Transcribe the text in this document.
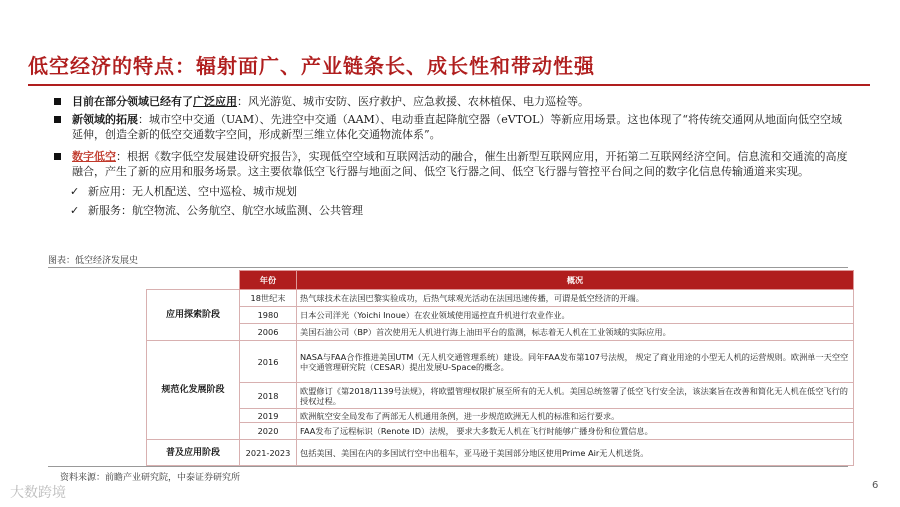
低空经济的特点：辐射面广、产业链条长、成长性和带动性强
目前在部分领域已经有了广泛应用：风光游览、城市安防、医疗救护、应急救援、农林植保、电力巡检等。
新领域的拓展：城市空中交通（UAM）、先进空中交通（AAM）、电动垂直起降航空器（eVTOL）等新应用场景。这也体现了“将传统交通网从地面向低空空域延伸，创造全新的低空交通数字空间，形成新型三维立体化交通物流体系”。
数字低空：根据《数字低空发展建设研究报告》，实现低空空域和互联网活动的融合，催生出新型互联网应用，开拓第二互联网经济空间。信息流和交通流的高度融合，产生了新的应用和服务场景。这主要依靠低空飞行器与地面之间、低空飞行器之间、低空飞行器与管控平台间之间的数字化信息传输通道来实现。
✓ 新应用：无人机配送、空中巡检、城市规划
✓ 新服务：航空物流、公务航空、航空水域监测、公共管理
图表：低空经济发展史
	年份	概况
应用探索阶段	18世纪末	热气球技术在法国巴黎实验成功，后热气球观光活动在法国迅速传播，可谓是低空经济的开端。
	1980	日本公司洋光（Yoichi Inoue）在农业领域使用遥控直升机进行农业作业。
	2006	美国石油公司（BP）首次使用无人机进行海上油田平台的监测，标志着无人机在工业领域的实际应用。
规范化发展阶段	2016	NASA与FAA合作推进美国UTM（无人机交通管理系统）建设。同年FAA发布第107号法规， 规定了商业用途的小型无人机的运营规则。欧洲单一天空空中交通管理研究院（CESAR）提出发展U-Space的概念。
	2018	欧盟修订《第2018/1139号法规》，将欧盟管理权限扩展至所有的无人机。美国总统签署了低空飞行安全法，该法案旨在改善和简化无人机在低空飞行的授权过程。
	2019	欧洲航空安全局发布了两部无人机通用条例，进一步规范欧洲无人机的标准和运行要求。
	2020	FAA发布了远程标识（Renote ID）法规， 要求大多数无人机在飞行时能够广播身份和位置信息。
普及应用阶段	2021-2023	包括美国、美国在内的多国试行空中出租车，亚马逊于美国部分地区使用Prime Air无人机送货。
资料来源：前瞻产业研究院，中泰证券研究所
6
大数跨境
